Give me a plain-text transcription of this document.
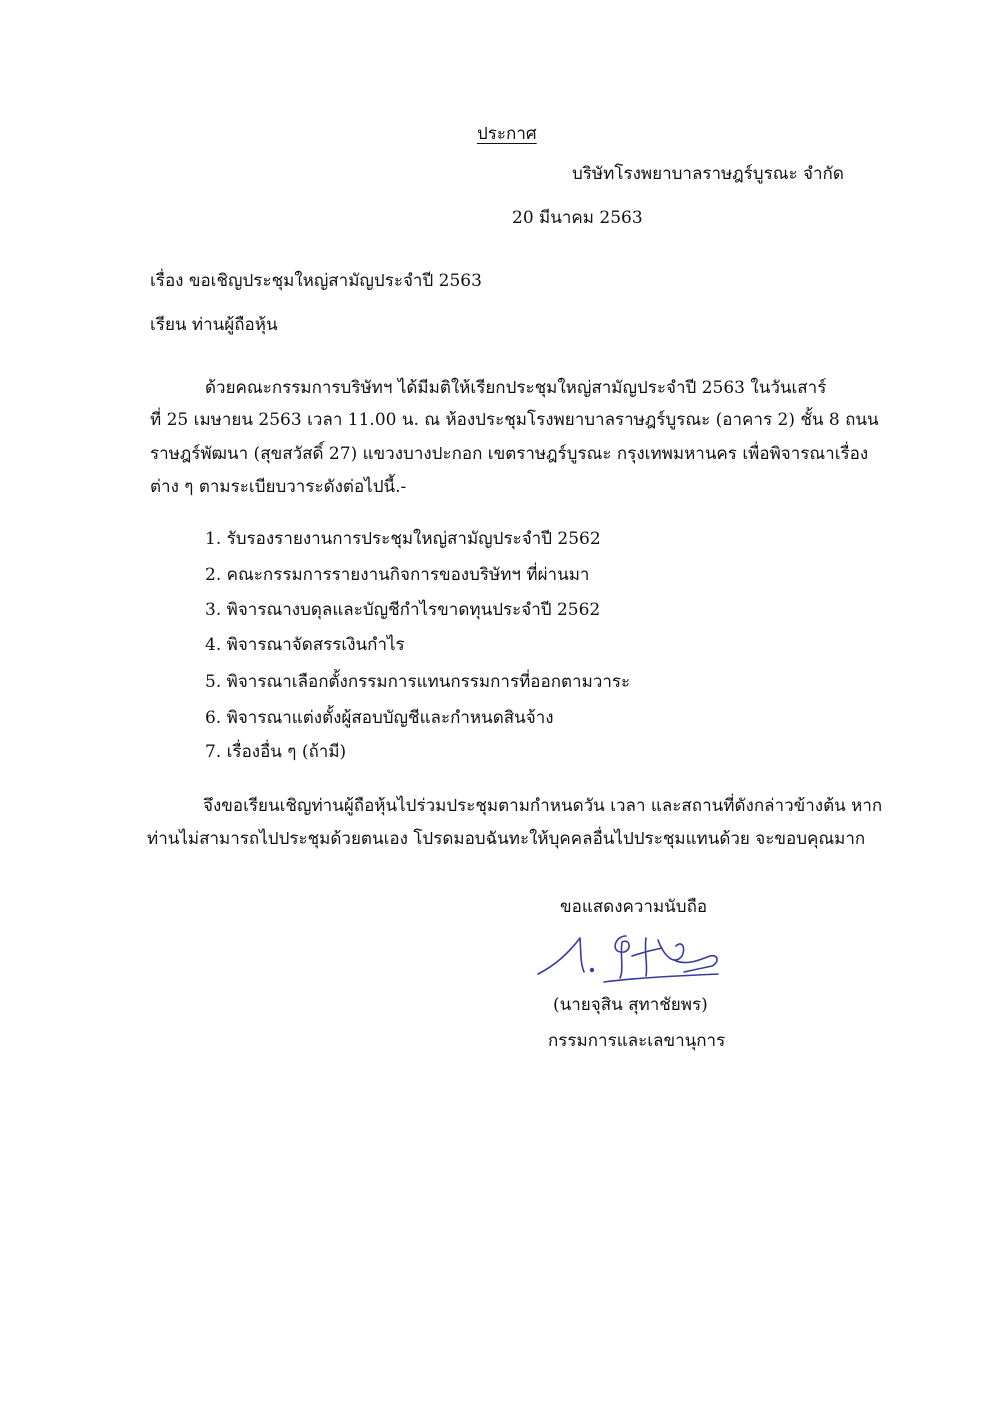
ประกาศ
บริษัทโรงพยาบาลราษฎร์บูรณะ จำกัด
20 มีนาคม 2563
เรื่อง ขอเชิญประชุมใหญ่สามัญประจำปี 2563
เรียน ท่านผู้ถือหุ้น
ด้วยคณะกรรมการบริษัทฯ ได้มีมติให้เรียกประชุมใหญ่สามัญประจำปี 2563 ในวันเสาร์
ที่ 25 เมษายน 2563 เวลา 11.00 น. ณ ห้องประชุมโรงพยาบาลราษฎร์บูรณะ (อาคาร 2) ชั้น 8 ถนน
ราษฎร์พัฒนา (สุขสวัสดิ์ 27) แขวงบางปะกอก เขตราษฎร์บูรณะ กรุงเทพมหานคร เพื่อพิจารณาเรื่อง
ต่าง ๆ ตามระเบียบวาระดังต่อไปนี้.-
1. รับรองรายงานการประชุมใหญ่สามัญประจำปี 2562
2. คณะกรรมการรายงานกิจการของบริษัทฯ ที่ผ่านมา
3. พิจารณางบดุลและบัญชีกำไรขาดทุนประจำปี 2562
4. พิจารณาจัดสรรเงินกำไร
5. พิจารณาเลือกตั้งกรรมการแทนกรรมการที่ออกตามวาระ
6. พิจารณาแต่งตั้งผู้สอบบัญชีและกำหนดสินจ้าง
7. เรื่องอื่น ๆ (ถ้ามี)
จึงขอเรียนเชิญท่านผู้ถือหุ้นไปร่วมประชุมตามกำหนดวัน เวลา และสถานที่ดังกล่าวข้างต้น หาก
ท่านไม่สามารถไปประชุมด้วยตนเอง โปรดมอบฉันทะให้บุคคลอื่นไปประชุมแทนด้วย จะขอบคุณมาก
ขอแสดงความนับถือ
(นายจุสิน สุทาชัยพร)
กรรมการและเลขานุการ
